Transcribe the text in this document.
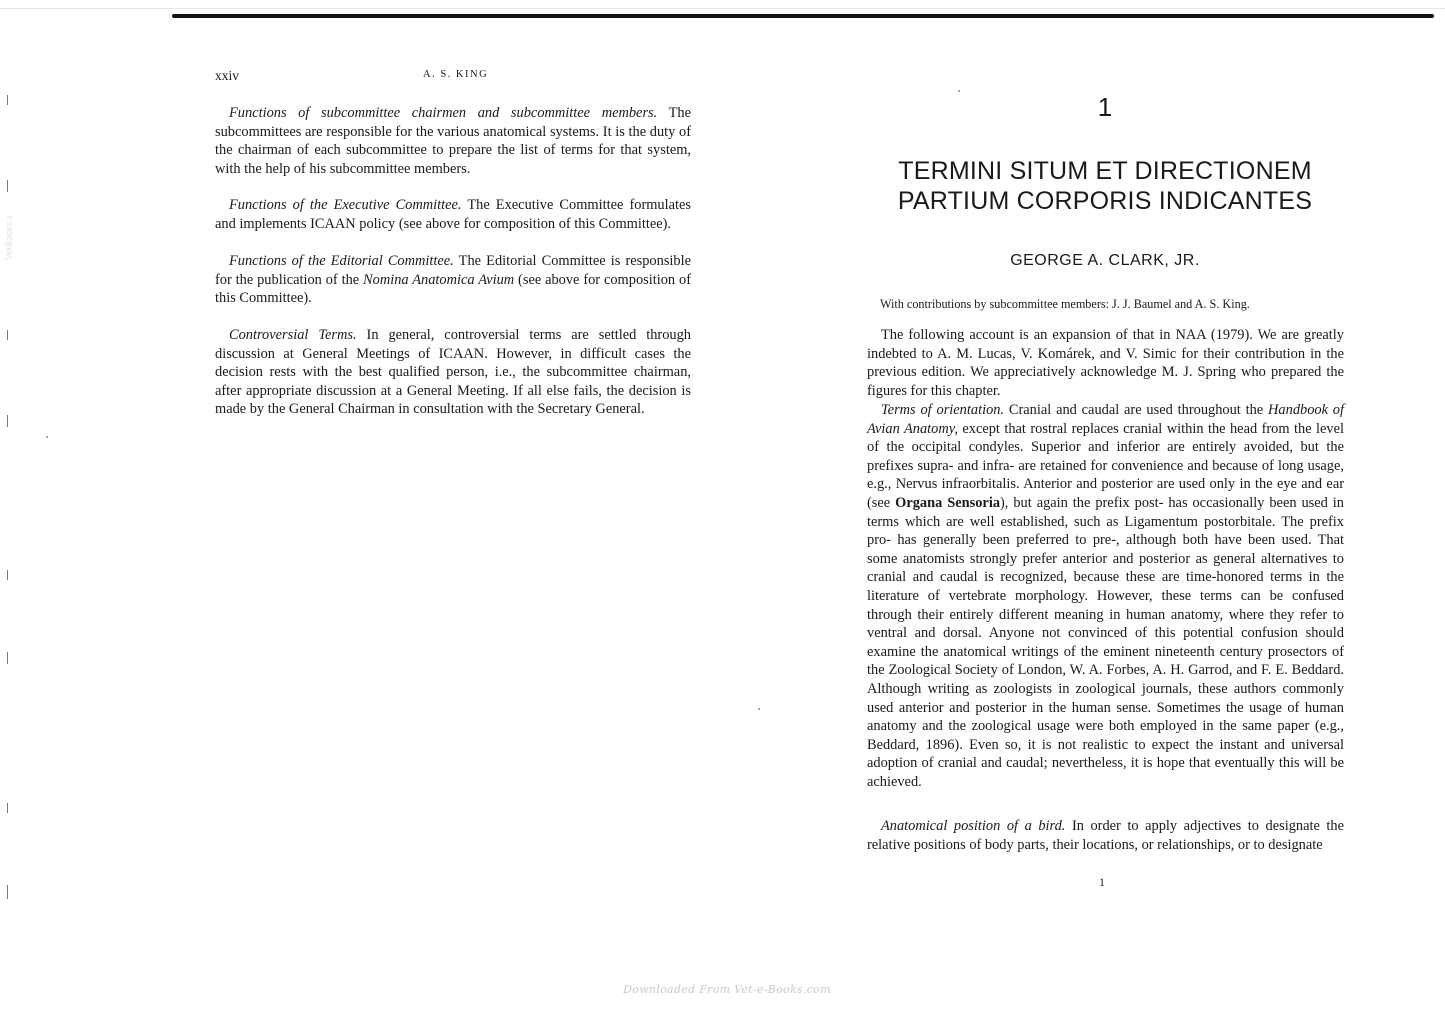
VetBooks.ir
xxiv	A. S. KING

Functions of subcommittee chairmen and subcommittee members. The subcommittees are responsible for the various anatomical systems. It is the duty of the chairman of each subcommittee to prepare the list of terms for that system, with the help of his subcommittee members.

Functions of the Executive Committee. The Executive Committee formulates and implements ICAAN policy (see above for composition of this Committee).

Functions of the Editorial Committee. The Editorial Committee is responsible for the publication of the Nomina Anatomica Avium (see above for composition of this Committee).

Controversial Terms. In general, controversial terms are settled through discussion at General Meetings of ICAAN. However, in difficult cases the decision rests with the best qualified person, i.e., the subcommittee chairman, after appropriate discussion at a General Meeting. If all else fails, the decision is made by the General Chairman in consultation with the Secretary General.

1
TERMINI SITUM ET DIRECTIONEM
PARTIUM CORPORIS INDICANTES
GEORGE A. CLARK, JR.
With contributions by subcommittee members: J. J. Baumel and A. S. King.

The following account is an expansion of that in NAA (1979). We are greatly indebted to A. M. Lucas, V. Komárek, and V. Simic for their contribution in the previous edition. We appreciatively acknowledge M. J. Spring who prepared the figures for this chapter.

Terms of orientation. Cranial and caudal are used throughout the Handbook of Avian Anatomy, except that rostral replaces cranial within the head from the level of the occipital condyles. Superior and inferior are entirely avoided, but the prefixes supra- and infra- are retained for convenience and because of long usage, e.g., Nervus infraorbitalis. Anterior and posterior are used only in the eye and ear (see Organa Sensoria), but again the prefix post- has occasionally been used in terms which are well established, such as Ligamentum postorbitale. The prefix pro- has generally been preferred to pre-, although both have been used. That some anatomists strongly prefer anterior and posterior as general alternatives to cranial and caudal is recognized, because these are time-honored terms in the literature of vertebrate morphology. However, these terms can be confused through their entirely different meaning in human anatomy, where they refer to ventral and dorsal. Anyone not convinced of this potential confusion should examine the anatomical writings of the eminent nineteenth century prosectors of the Zoological Society of London, W. A. Forbes, A. H. Garrod, and F. E. Beddard. Although writing as zoologists in zoological journals, these authors commonly used anterior and posterior in the human sense. Sometimes the usage of human anatomy and the zoological usage were both employed in the same paper (e.g., Beddard, 1896). Even so, it is not realistic to expect the instant and universal adoption of cranial and caudal; nevertheless, it is hope that eventually this will be achieved.

Anatomical position of a bird. In order to apply adjectives to designate the relative positions of body parts, their locations, or relationships, or to designate

1
Downloaded From Vet-e-Books.com
